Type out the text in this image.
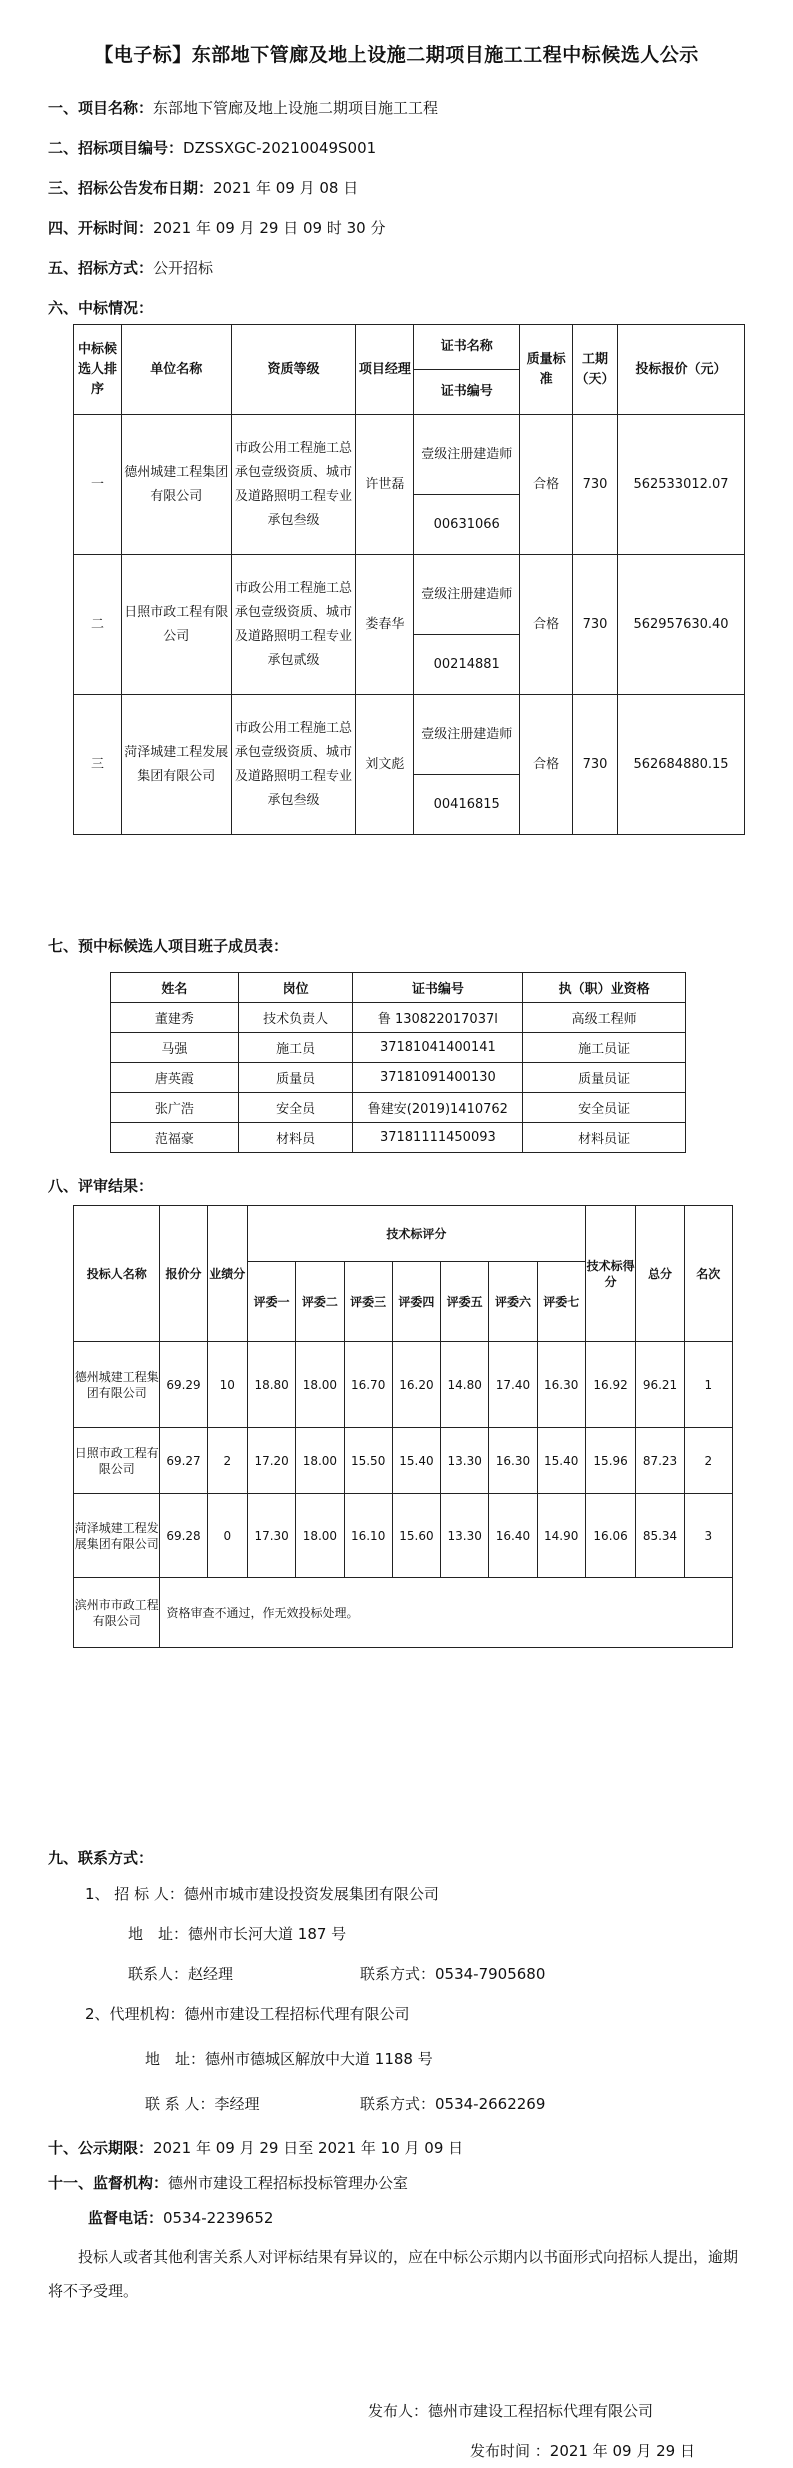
【电子标】东部地下管廊及地上设施二期项目施工工程中标候选人公示
一、项目名称：东部地下管廊及地上设施二期项目施工工程
二、招标项目编号：DZSSXGC-20210049S001
三、招标公告发布日期：2021 年 09 月 08 日
四、开标时间：2021 年 09 月 29 日 09 时 30 分
五、招标方式：公开招标
六、中标情况：
中标候选人排序	单位名称	资质等级	项目经理	证书名称	质量标准	工期（天）	投标报价（元）
				证书编号			
一	德州城建工程集团有限公司	市政公用工程施工总承包壹级资质、城市及道路照明工程专业承包叁级	许世磊	壹级注册建造师	合格	730	562533012.07
				00631066			
二	日照市政工程有限公司	市政公用工程施工总承包壹级资质、城市及道路照明工程专业承包贰级	娄春华	壹级注册建造师	合格	730	562957630.40
				00214881			
三	菏泽城建工程发展集团有限公司	市政公用工程施工总承包壹级资质、城市及道路照明工程专业承包叁级	刘文彪	壹级注册建造师	合格	730	562684880.15
				00416815			
七、预中标候选人项目班子成员表：
姓名	岗位	证书编号	执（职）业资格
董建秀	技术负责人	鲁 130822017037l	高级工程师
马强	施工员	37181041400141	施工员证
唐英霞	质量员	37181091400130	质量员证
张广浩	安全员	鲁建安(2019)1410762	安全员证
范福豪	材料员	37181111450093	材料员证
八、评审结果：
投标人名称	报价分	业绩分	技术标评分							技术标得分	总分	名次
			评委一	评委二	评委三	评委四	评委五	评委六	评委七			
德州城建工程集团有限公司	69.29	10	18.80	18.00	16.70	16.20	14.80	17.40	16.30	16.92	96.21	1
日照市政工程有限公司	69.27	2	17.20	18.00	15.50	15.40	13.30	16.30	15.40	15.96	87.23	2
菏泽城建工程发展集团有限公司	69.28	0	17.30	18.00	16.10	15.60	13.30	16.40	14.90	16.06	85.34	3
滨州市市政工程有限公司	资格审查不通过，作无效投标处理。											
九、联系方式：
1、 招 标 人：德州市城市建设投资发展集团有限公司
地　址：德州市长河大道 187 号
联系人：赵经理	联系方式：0534-7905680
2、代理机构：德州市建设工程招标代理有限公司
地　址：德州市德城区解放中大道 1188 号
联 系 人：李经理	联系方式：0534-2662269
十、公示期限：2021 年 09 月 29 日至 2021 年 10 月 09 日
十一、监督机构：德州市建设工程招标投标管理办公室
监督电话：0534-2239652
投标人或者其他利害关系人对评标结果有异议的，应在中标公示期内以书面形式向招标人提出，逾期将不予受理。
发布人：德州市建设工程招标代理有限公司
发布时间 ：2021 年 09 月 29 日
